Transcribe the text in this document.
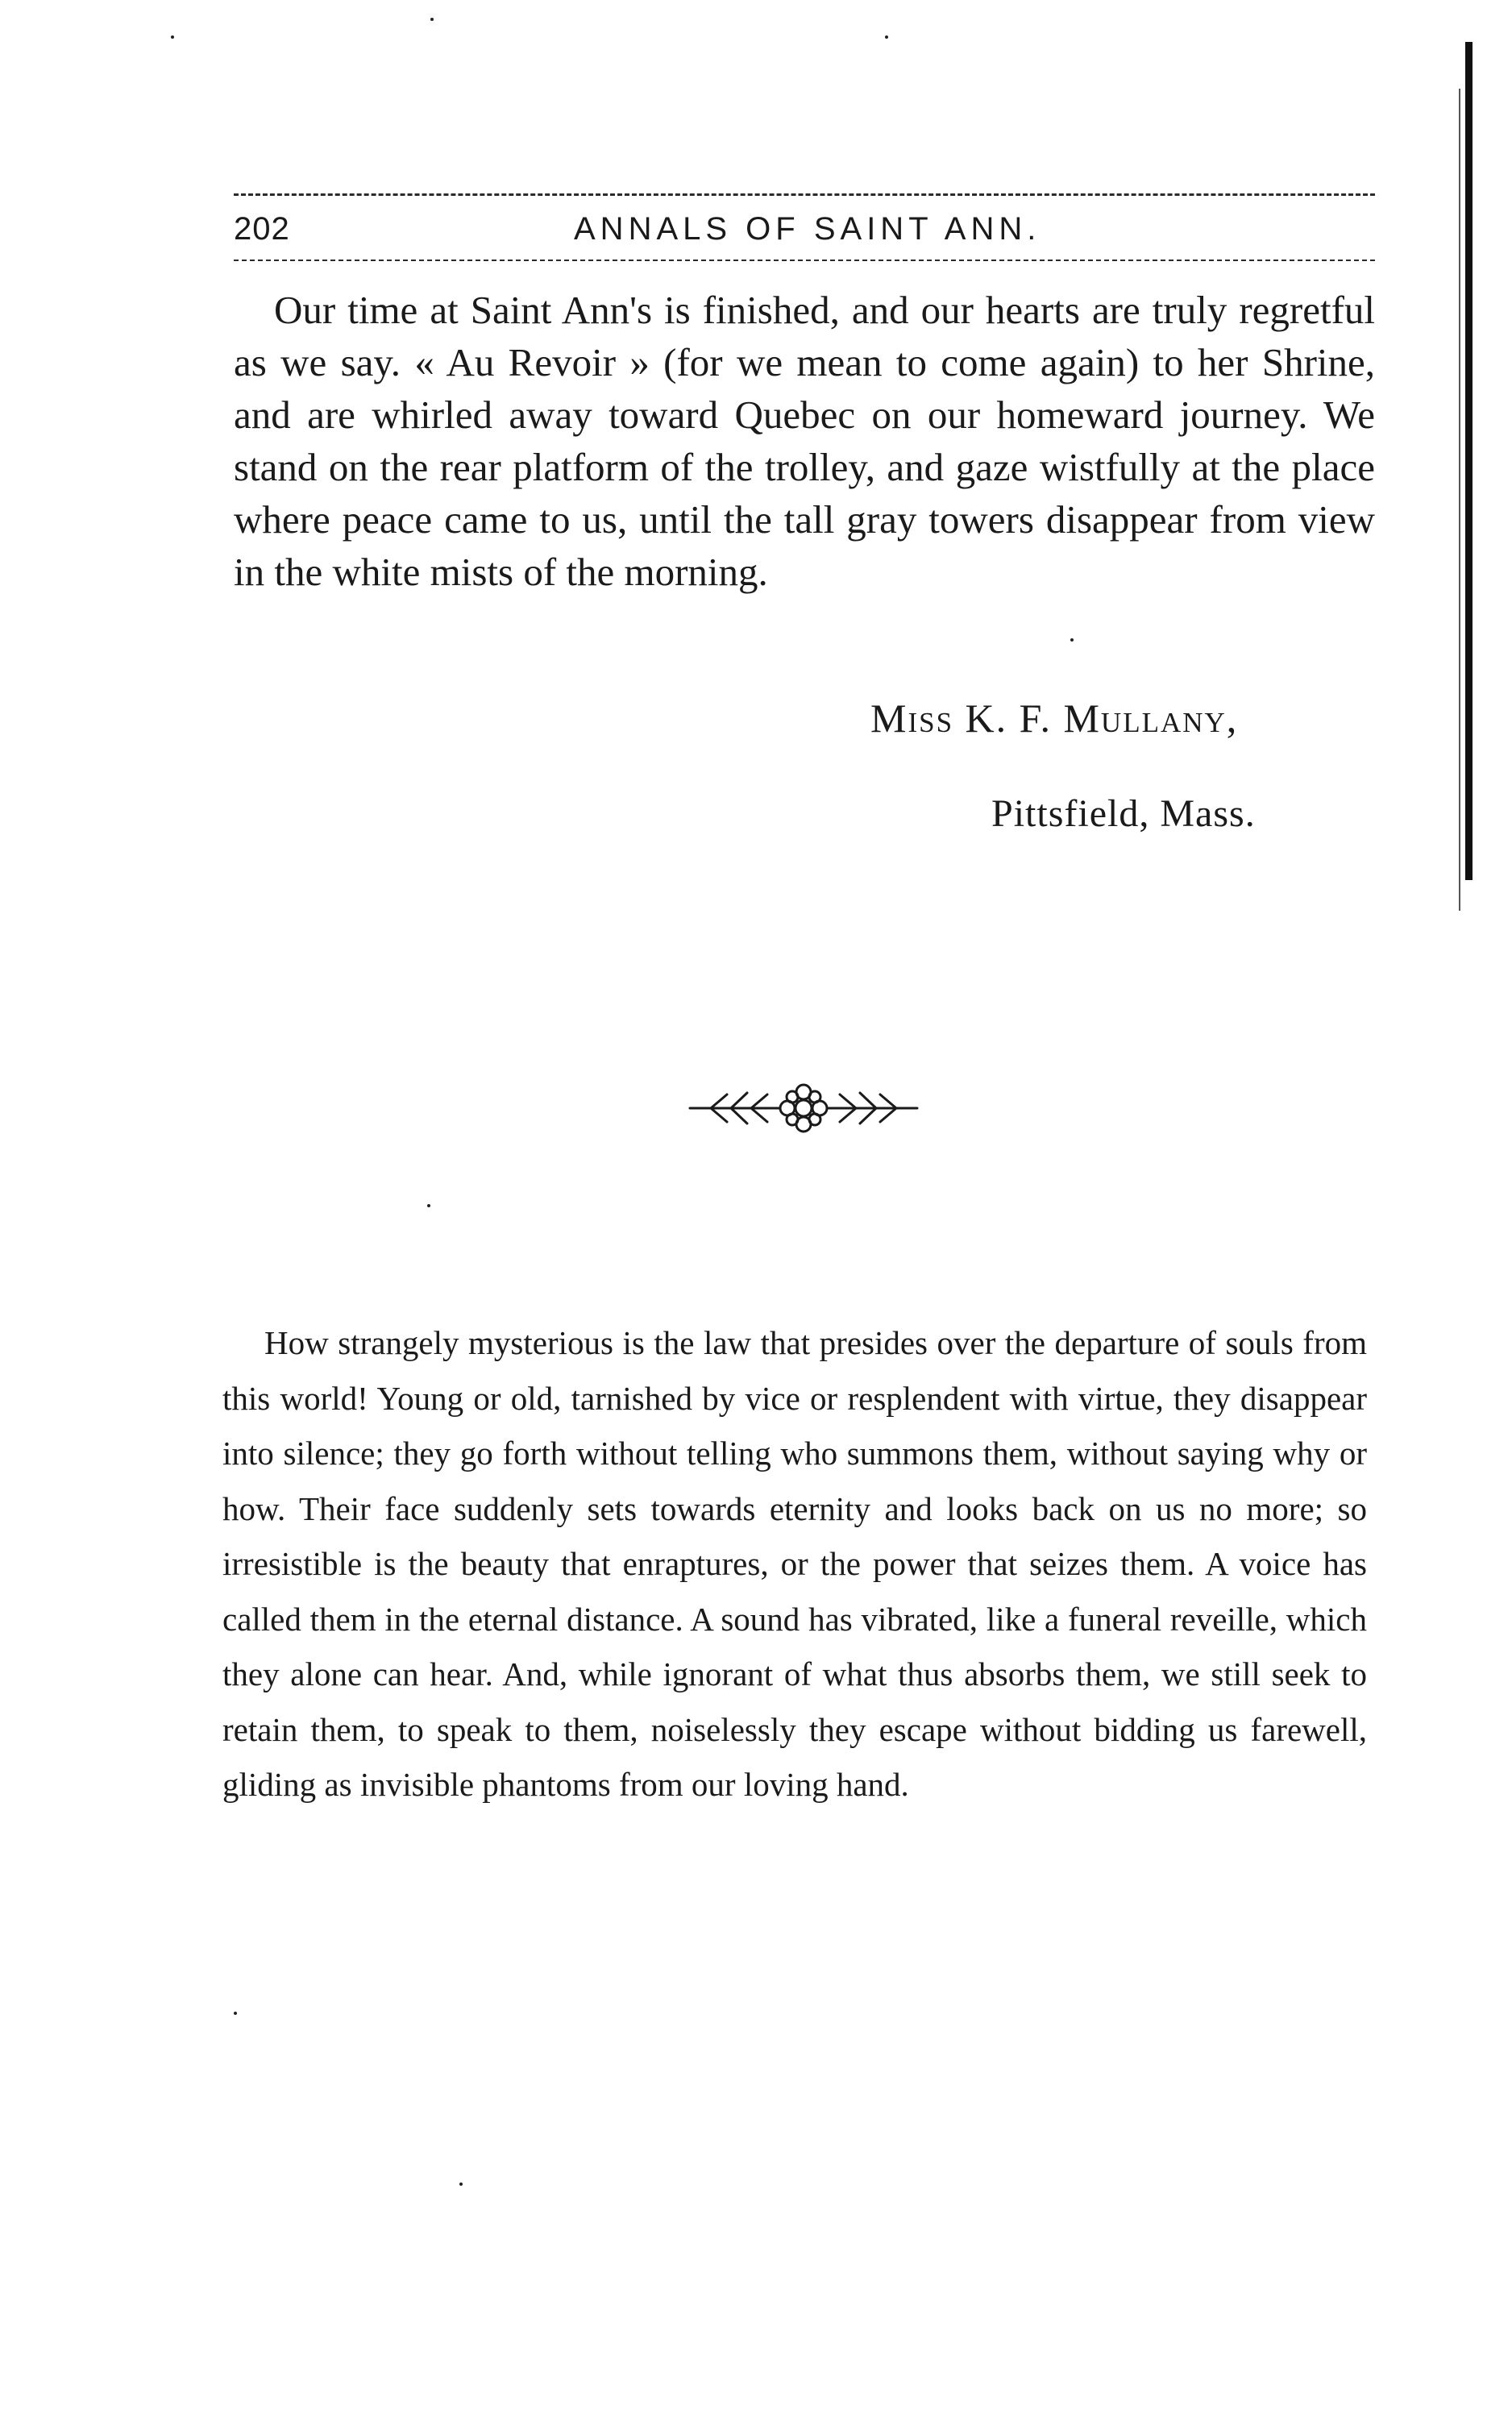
202	ANNALS OF SAINT ANN.

Our time at Saint Ann's is finished, and our hearts are truly regretful as we say. « Au Revoir » (for we mean to come again) to her Shrine, and are whirled away toward Quebec on our homeward journey. We stand on the rear platform of the trolley, and gaze wistfully at the place where peace came to us, until the tall gray towers disappear from view in the white mists of the morning.

Miss K. F. Mullany,
Pittsfield, Mass.

How strangely mysterious is the law that presides over the departure of souls from this world! Young or old, tarnished by vice or resplendent with virtue, they disappear into silence; they go forth without telling who summons them, without saying why or how. Their face suddenly sets towards eternity and looks back on us no more; so irresistible is the beauty that enraptures, or the power that seizes them. A voice has called them in the eternal distance. A sound has vibrated, like a funeral reveille, which they alone can hear. And, while ignorant of what thus absorbs them, we still seek to retain them, to speak to them, noiselessly they escape without bidding us farewell, gliding as invisible phantoms from our loving hand.
